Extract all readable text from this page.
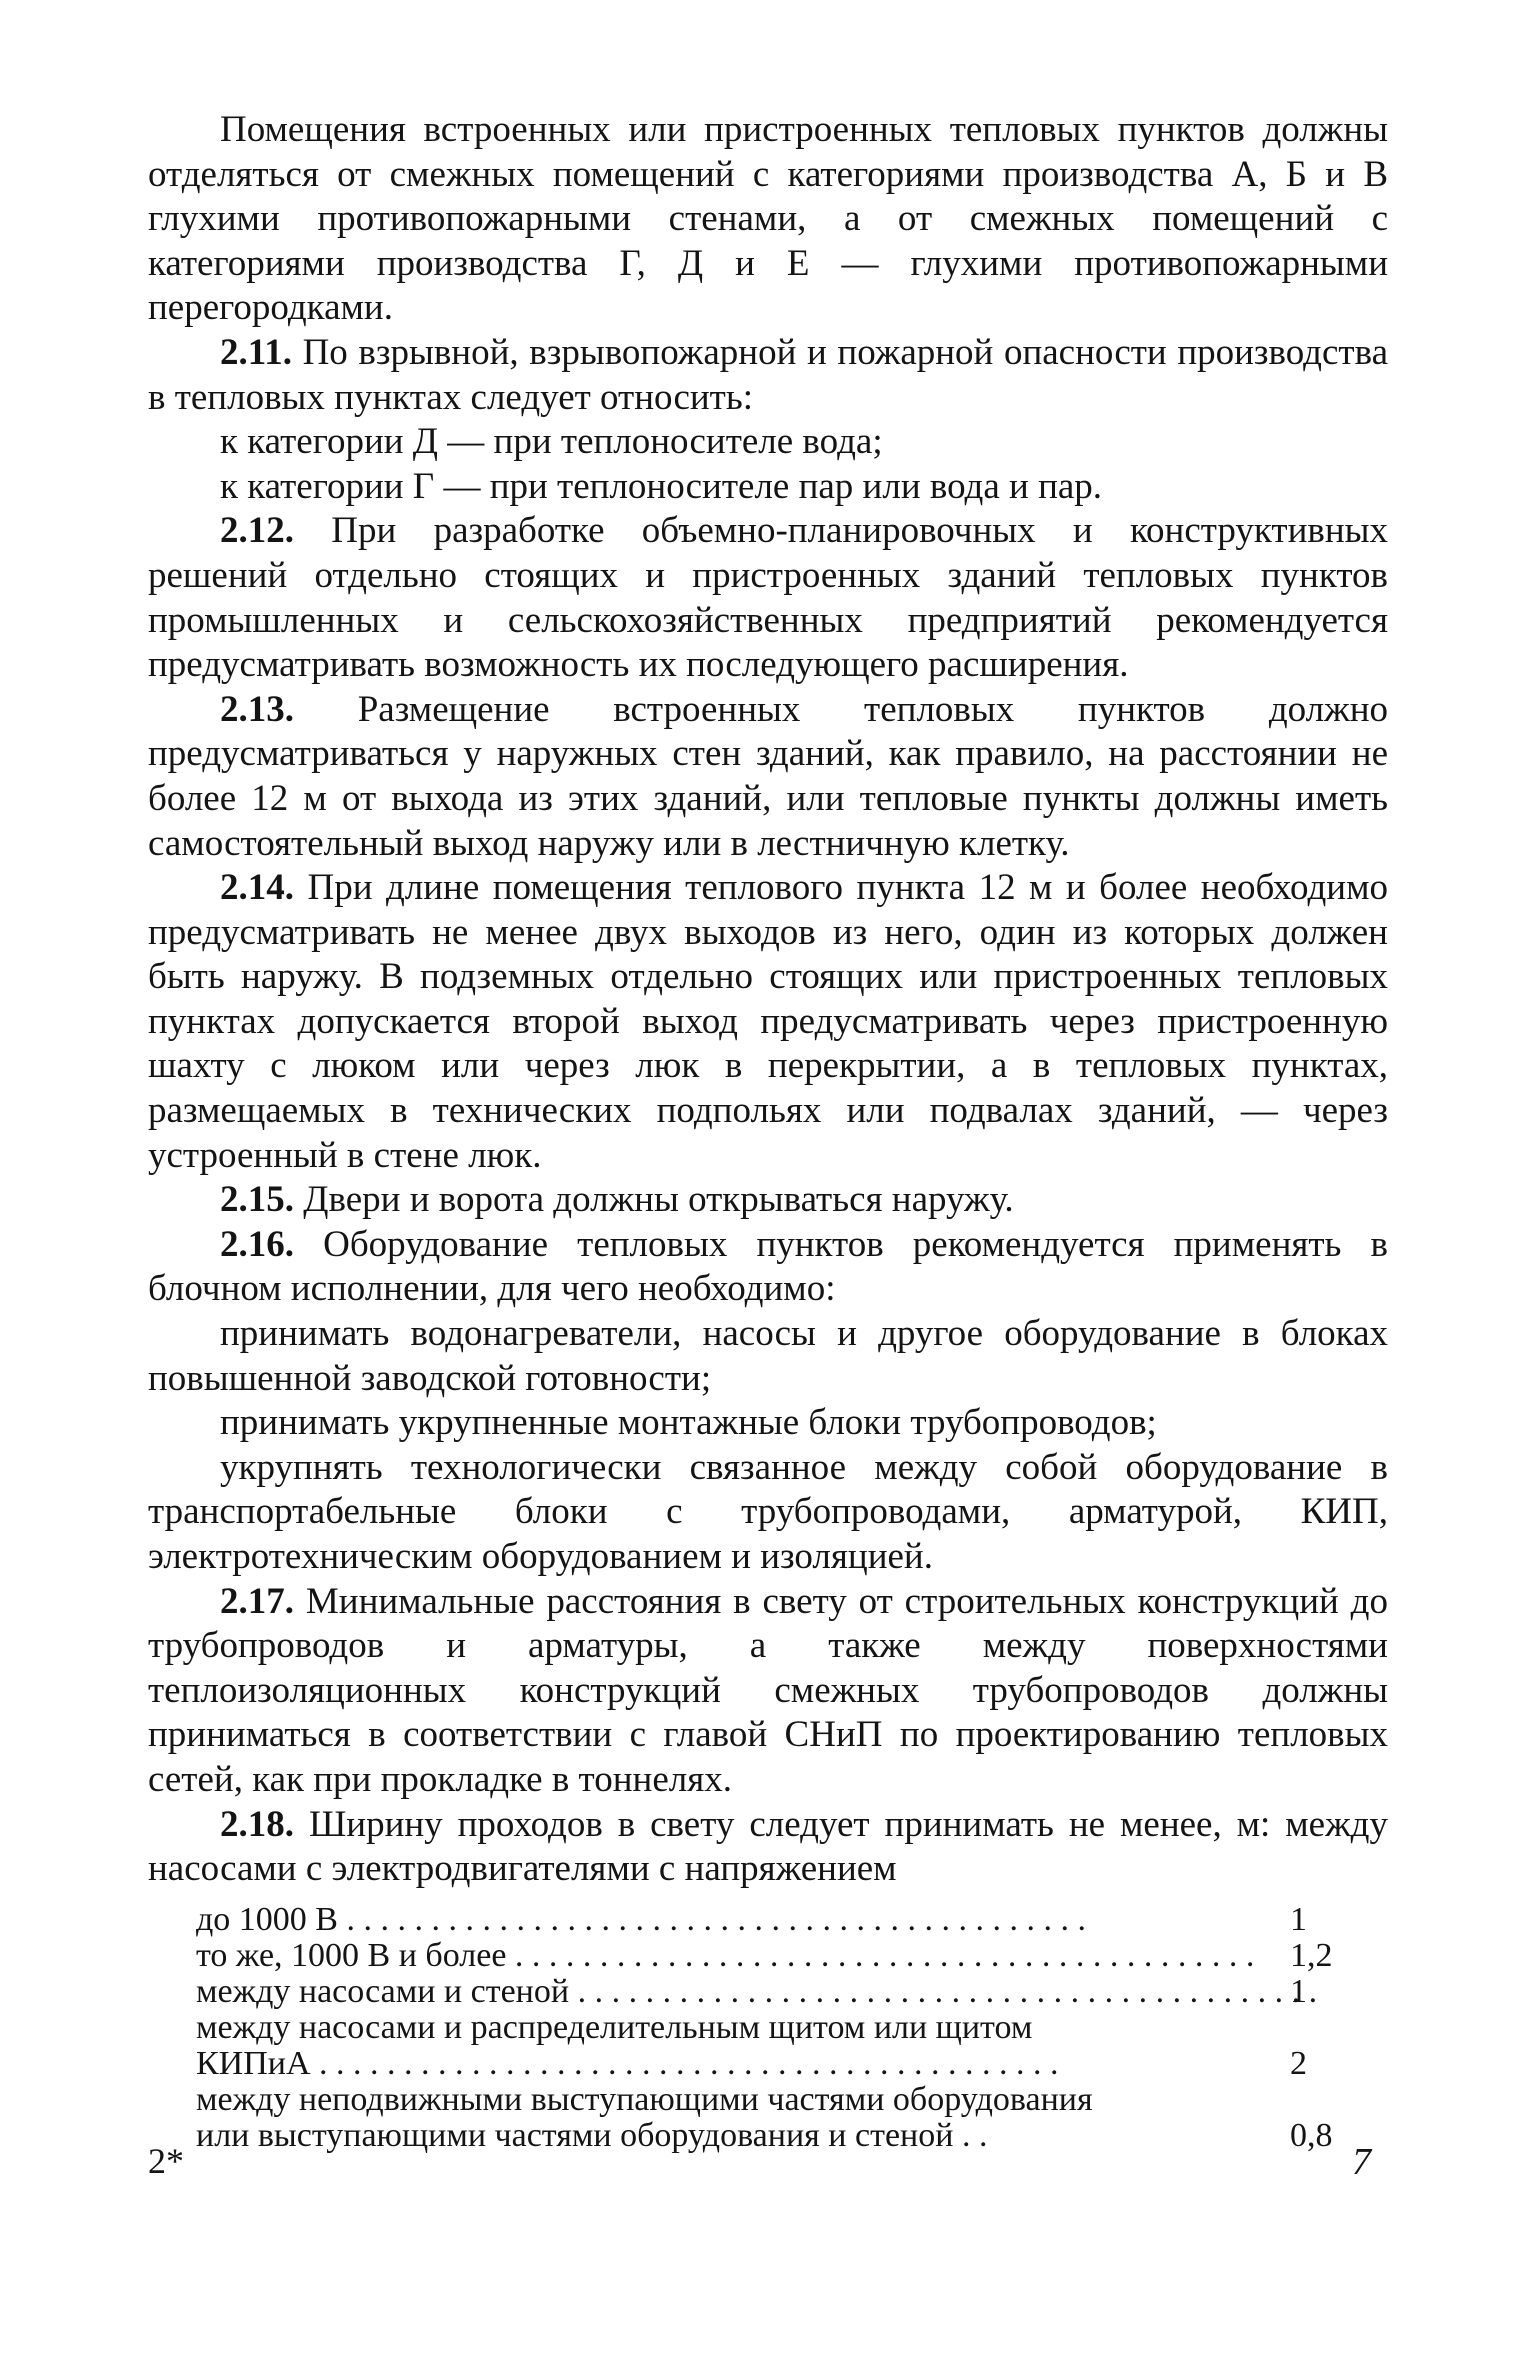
Помещения встроенных или пристроенных тепловых пунктов должны отделяться от смежных помещений с категориями производства А, Б и В глухими противопожарными стенами, а от смежных помещений с категориями производства Г, Д и Е — глухими противопожарными перегородками.

2.11. По взрывной, взрывопожарной и пожарной опасности производства в тепловых пунктах следует относить:

к категории Д — при теплоносителе вода;

к категории Г — при теплоносителе пар или вода и пар.

2.12. При разработке объемно-планировочных и конструктивных решений отдельно стоящих и пристроенных зданий тепловых пунктов промышленных и сельскохозяйственных предприятий рекомендуется предусматривать возможность их последующего расширения.

2.13. Размещение встроенных тепловых пунктов должно предусматриваться у наружных стен зданий, как правило, на расстоянии не более 12 м от выхода из этих зданий, или тепловые пункты должны иметь самостоятельный выход наружу или в лестничную клетку.

2.14. При длине помещения теплового пункта 12 м и более необходимо предусматривать не менее двух выходов из него, один из которых должен быть наружу. В подземных отдельно стоящих или пристроенных тепловых пунктах допускается второй выход предусматривать через пристроенную шахту с люком или через люк в перекрытии, а в тепловых пунктах, размещаемых в технических подпольях или подвалах зданий, — через устроенный в стене люк.

2.15. Двери и ворота должны открываться наружу.

2.16. Оборудование тепловых пунктов рекомендуется применять в блочном исполнении, для чего необходимо:

принимать водонагреватели, насосы и другое оборудование в блоках повышенной заводской готовности;

принимать укрупненные монтажные блоки трубопроводов;

укрупнять технологически связанное между собой оборудование в транспортабельные блоки с трубопроводами, арматурой, КИП, электротехническим оборудованием и изоляцией.

2.17. Минимальные расстояния в свету от строительных конструкций до трубопроводов и арматуры, а также между поверхностями теплоизоляционных конструкций смежных трубопроводов должны приниматься в соответствии с главой СНиП по проектированию тепловых сетей, как при прокладке в тоннелях.

2.18. Ширину проходов в свету следует принимать не менее, м: между насосами с электродвигателями с напряжением

до 1000 В . . .	1
то же, 1000 В и более . . .	1,2
между насосами и стеной . . .	1
между насосами и распределительным щитом или щитом
КИПиА . . .	2
между неподвижными выступающими частями оборудования
или выступающими частями оборудования и стеной . .	0,8
2*	7
